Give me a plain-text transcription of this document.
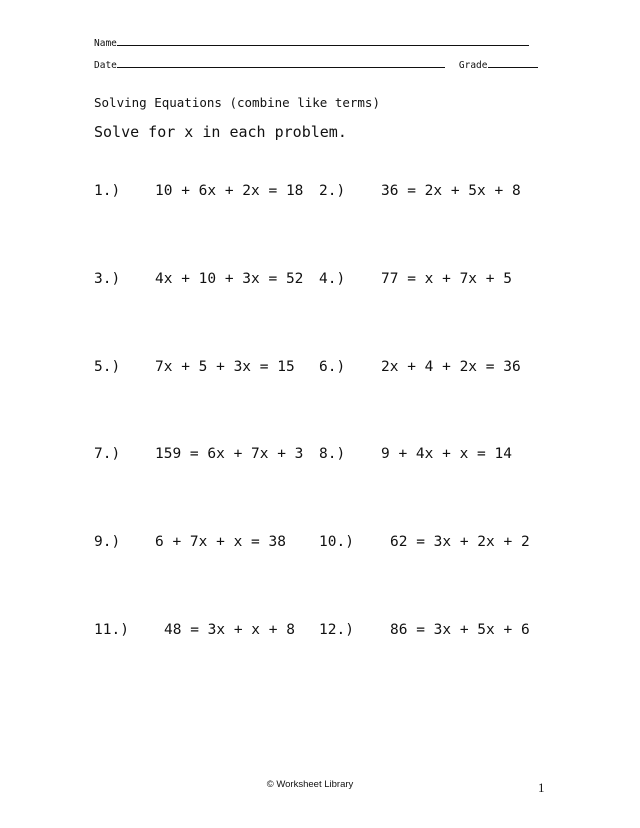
Name
Date	Grade
Solving Equations (combine like terms)
Solve for x in each problem.
1.) 10 + 6x + 2x = 18 2.) 36 = 2x + 5x + 8
3.) 4x + 10 + 3x = 52 4.) 77 = x + 7x + 5
5.) 7x + 5 + 3x = 15 6.) 2x + 4 + 2x = 36
7.) 159 = 6x + 7x + 3 8.) 9 + 4x + x = 14
9.) 6 + 7x + x = 38 10.) 62 = 3x + 2x + 2
11.) 48 = 3x + x + 8 12.) 86 = 3x + 5x + 6
© Worksheet Library	1
